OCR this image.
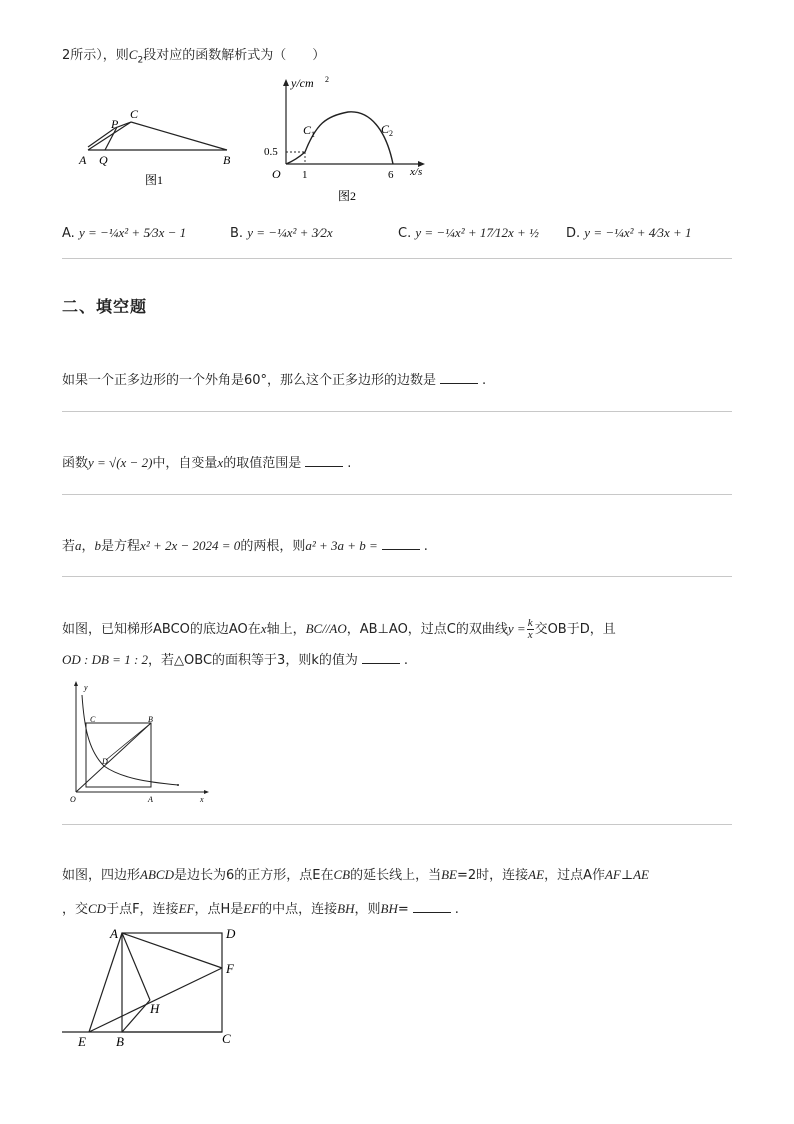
2所示），则$C_2$段对应的函数解析式为（　　）
P
C
A Q	B
图1
y/cm 2
0.5
O 1	6 x/s
C 1	C 2
图2
A. y = −¼x² + 5⁄3x − 1	B. y = −¼x² + 3⁄2x	C. y = −¼x² + 17⁄12x + ½ D. y = −¼x² + 4⁄3x + 1
二、填空题
如果一个正多边形的一个外角是60°，那么这个正多边形的边数是	.
函数y = √(x − 2)中，自变量x的取值范围是	.
若a，b是方程x² + 2x − 2024 = 0的两根，则a² + 3a + b =	.
如图，已知梯形ABCO的底边AO在x轴上，BC//AO，AB⊥AO，过点C的双曲线$y = \frac{k}{x}$ 交OB于D，且
OD : DB = 1 : 2，若△OBC的面积等于3，则k的值为	.
y
C	B
D
O	A	x
如图，四边形ABCD是边长为6的正方形，点E在CB的延长线上，当BE=2时，连接AE，过点A作AF⊥AE
，交CD于点F，连接EF，点H是EF的中点，连接BH，则BH=	.
A	D
F
H
E B	C
